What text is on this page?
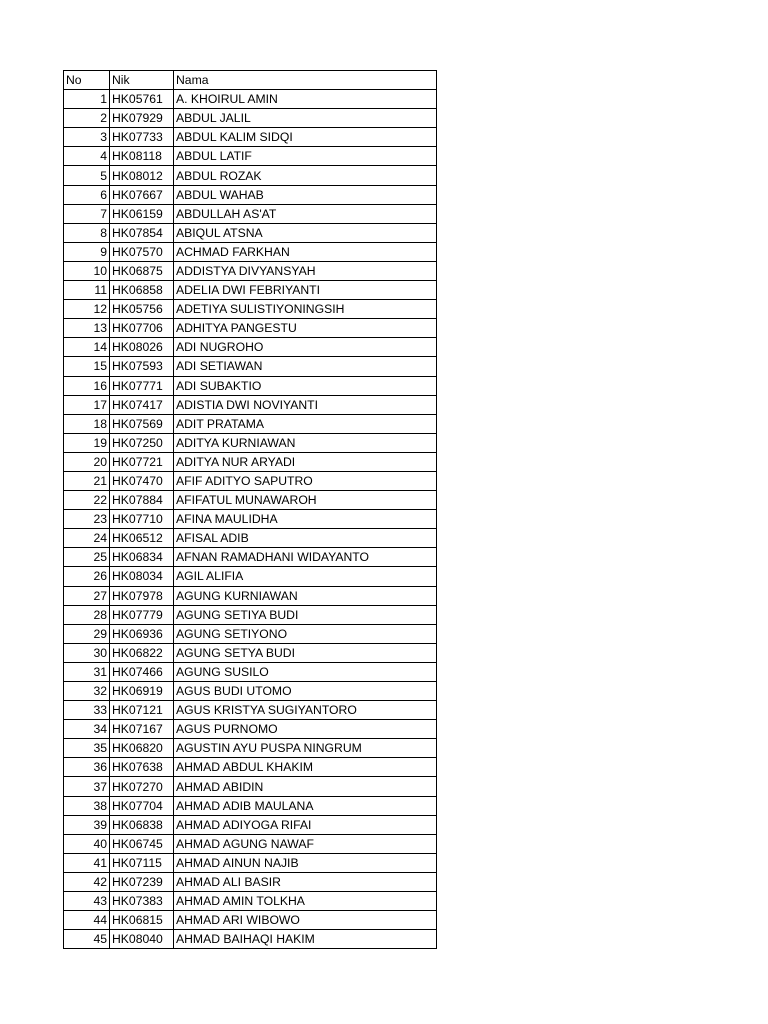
No	Nik	Nama
1	HK05761	A. KHOIRUL AMIN
2	HK07929	ABDUL JALIL
3	HK07733	ABDUL KALIM SIDQI
4	HK08118	ABDUL LATIF
5	HK08012	ABDUL ROZAK
6	HK07667	ABDUL WAHAB
7	HK06159	ABDULLAH AS'AT
8	HK07854	ABIQUL ATSNA
9	HK07570	ACHMAD FARKHAN
10	HK06875	ADDISTYA DIVYANSYAH
11	HK06858	ADELIA DWI FEBRIYANTI
12	HK05756	ADETIYA SULISTIYONINGSIH
13	HK07706	ADHITYA PANGESTU
14	HK08026	ADI NUGROHO
15	HK07593	ADI SETIAWAN
16	HK07771	ADI SUBAKTIO
17	HK07417	ADISTIA DWI NOVIYANTI
18	HK07569	ADIT PRATAMA
19	HK07250	ADITYA KURNIAWAN
20	HK07721	ADITYA NUR ARYADI
21	HK07470	AFIF ADITYO SAPUTRO
22	HK07884	AFIFATUL MUNAWAROH
23	HK07710	AFINA MAULIDHA
24	HK06512	AFISAL ADIB
25	HK06834	AFNAN RAMADHANI WIDAYANTO
26	HK08034	AGIL ALIFIA
27	HK07978	AGUNG KURNIAWAN
28	HK07779	AGUNG SETIYA BUDI
29	HK06936	AGUNG SETIYONO
30	HK06822	AGUNG SETYA BUDI
31	HK07466	AGUNG SUSILO
32	HK06919	AGUS BUDI UTOMO
33	HK07121	AGUS KRISTYA SUGIYANTORO
34	HK07167	AGUS PURNOMO
35	HK06820	AGUSTIN AYU PUSPA NINGRUM
36	HK07638	AHMAD ABDUL KHAKIM
37	HK07270	AHMAD ABIDIN
38	HK07704	AHMAD ADIB MAULANA
39	HK06838	AHMAD ADIYOGA RIFAI
40	HK06745	AHMAD AGUNG NAWAF
41	HK07115	AHMAD AINUN NAJIB
42	HK07239	AHMAD ALI BASIR
43	HK07383	AHMAD AMIN TOLKHA
44	HK06815	AHMAD ARI WIBOWO
45	HK08040	AHMAD BAIHAQI HAKIM
